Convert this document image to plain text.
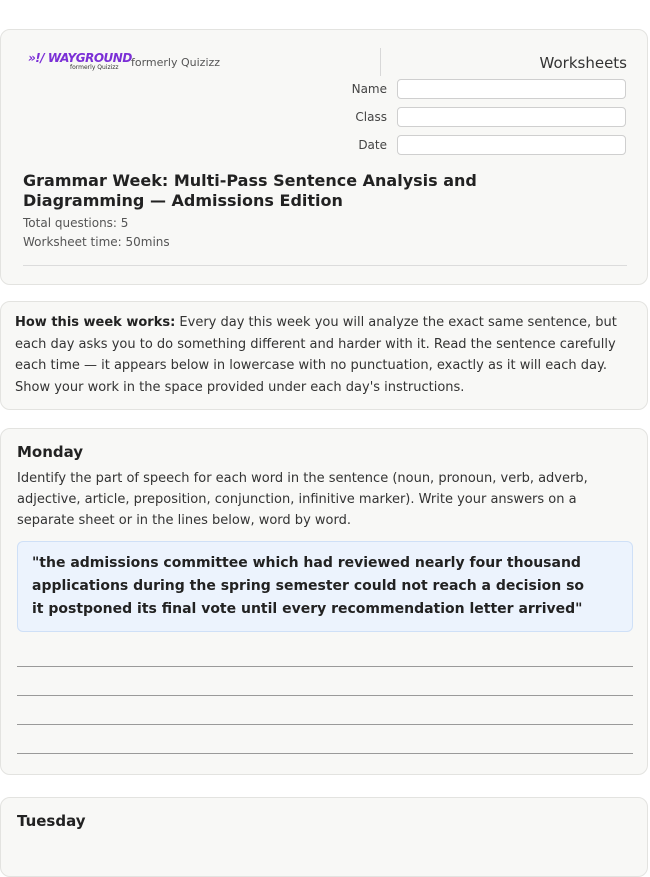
»!/ WAYGROUND
formerly Quizizz	formerly Quizizz	Worksheets
Name
Class
Date
Grammar Week: Multi-Pass Sentence Analysis and Diagramming — Admissions Edition
Total questions: 5
Worksheet time: 50mins
How this week works: Every day this week you will analyze the exact same sentence, but each day asks you to do something different and harder with it. Read the sentence carefully each time — it appears below in lowercase with no punctuation, exactly as it will each day. Show your work in the space provided under each day's instructions.
Monday
Identify the part of speech for each word in the sentence (noun, pronoun, verb, adverb, adjective, article, preposition, conjunction, infinitive marker). Write your answers on a separate sheet or in the lines below, word by word.
"the admissions committee which had reviewed nearly four thousand applications during the spring semester could not reach a decision so it postponed its final vote until every recommendation letter arrived"
Tuesday
